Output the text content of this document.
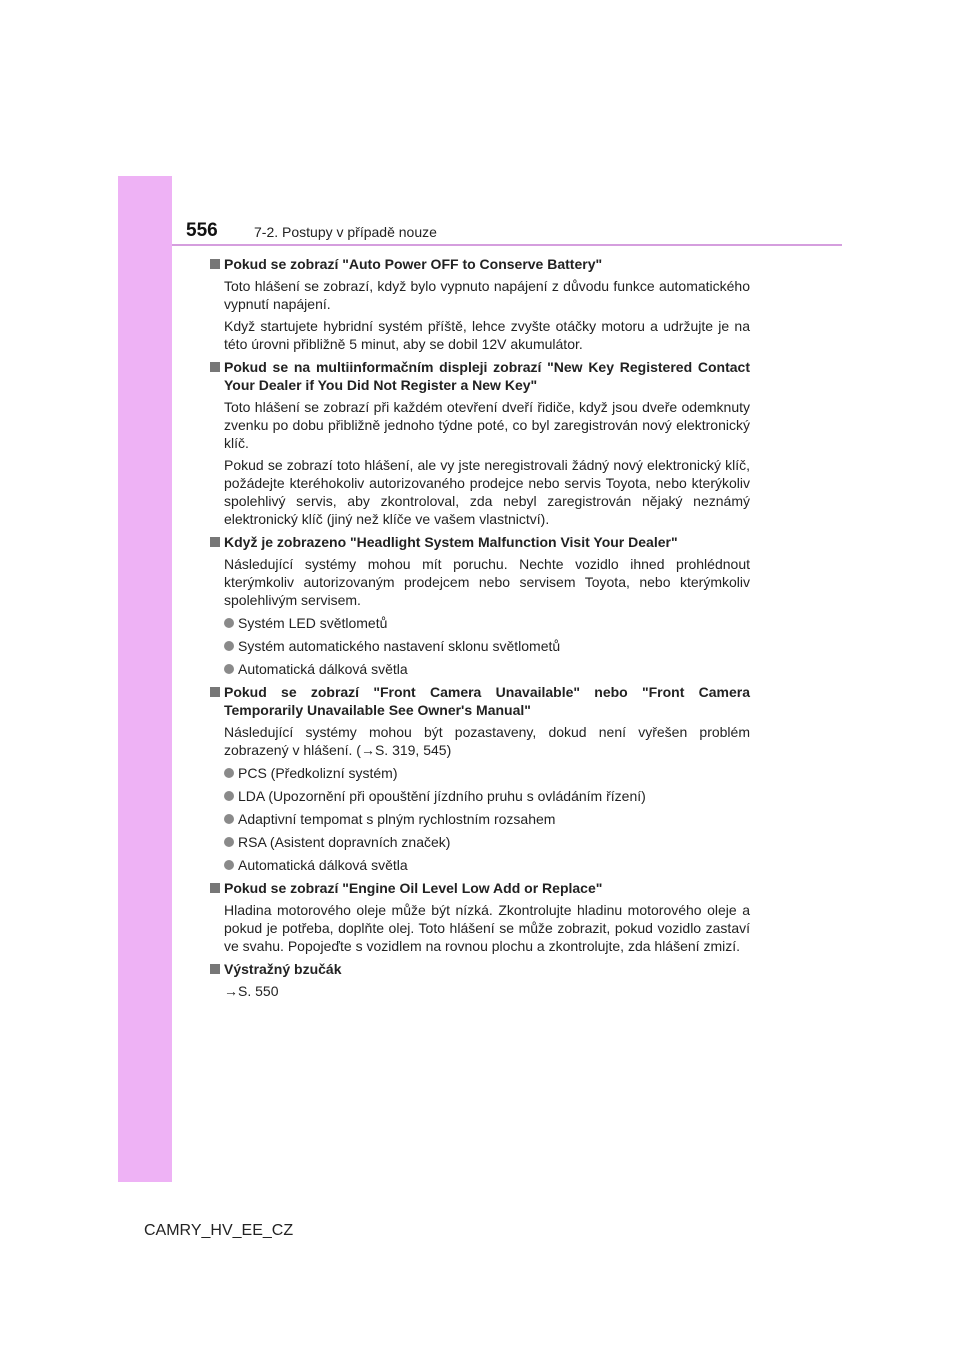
556	7-2. Postupy v případě nouze
Pokud se zobrazí "Auto Power OFF to Conserve Battery"
Toto hlášení se zobrazí, když bylo vypnuto napájení z důvodu funkce automatického vypnutí napájení.
Když startujete hybridní systém příště, lehce zvyšte otáčky motoru a udržujte je na této úrovni přibližně 5 minut, aby se dobil 12V akumulátor.
Pokud se na multiinformačním displeji zobrazí "New Key Registered Contact Your Dealer if You Did Not Register a New Key"
Toto hlášení se zobrazí při každém otevření dveří řidiče, když jsou dveře odemknuty zvenku po dobu přibližně jednoho týdne poté, co byl zaregistrován nový elektronický klíč.
Pokud se zobrazí toto hlášení, ale vy jste neregistrovali žádný nový elektronický klíč, požádejte kteréhokoliv autorizovaného prodejce nebo servis Toyota, nebo kterýkoliv spolehlivý servis, aby zkontroloval, zda nebyl zaregistrován nějaký neznámý elektronický klíč (jiný než klíče ve vašem vlastnictví).
Když je zobrazeno "Headlight System Malfunction Visit Your Dealer"
Následující systémy mohou mít poruchu. Nechte vozidlo ihned prohlédnout kterýmkoliv autorizovaným prodejcem nebo servisem Toyota, nebo kterýmkoliv spolehlivým servisem.
Systém LED světlometů
Systém automatického nastavení sklonu světlometů
Automatická dálková světla
Pokud se zobrazí "Front Camera Unavailable" nebo "Front Camera Temporarily Unavailable See Owner's Manual"
Následující systémy mohou být pozastaveny, dokud není vyřešen problém zobrazený v hlášení. (→S. 319, 545)
PCS (Předkolizní systém)
LDA (Upozornění při opouštění jízdního pruhu s ovládáním řízení)
Adaptivní tempomat s plným rychlostním rozsahem
RSA (Asistent dopravních značek)
Automatická dálková světla
Pokud se zobrazí "Engine Oil Level Low Add or Replace"
Hladina motorového oleje může být nízká. Zkontrolujte hladinu motorového oleje a pokud je potřeba, doplňte olej. Toto hlášení se může zobrazit, pokud vozidlo zastaví ve svahu. Popojeďte s vozidlem na rovnou plochu a zkontrolujte, zda hlášení zmizí.
Výstražný bzučák
→S. 550
CAMRY_HV_EE_CZ
